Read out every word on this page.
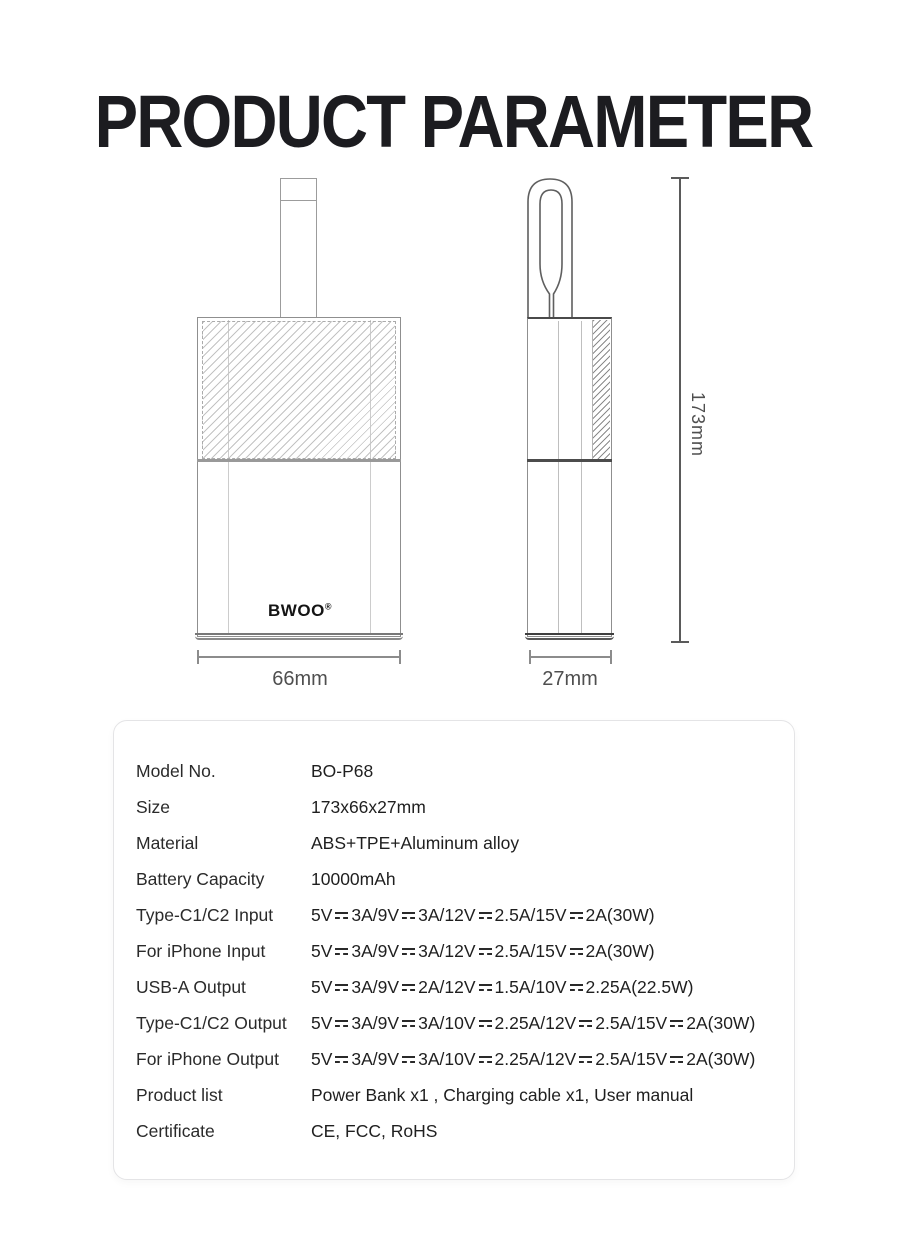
PRODUCT PARAMETER
BWOO®
66mm	27mm
173mm
Model No.	BO-P68
Size	173x66x27mm
Material	ABS+TPE+Aluminum alloy
Battery Capacity	10000mAh
Type-C1/C2 Input	5V 3A/9V 3A/12V 2.5A/15V 2A(30W)
For iPhone Input	5V 3A/9V 3A/12V 2.5A/15V 2A(30W)
USB-A Output	5V 3A/9V 2A/12V 1.5A/10V 2.25A(22.5W)
Type-C1/C2 Output	5V 3A/9V 3A/10V 2.25A/12V 2.5A/15V 2A(30W)
For iPhone Output	5V 3A/9V 3A/10V 2.25A/12V 2.5A/15V 2A(30W)
Product list	Power Bank x1 , Charging cable x1, User manual
Certificate	CE, FCC, RoHS
